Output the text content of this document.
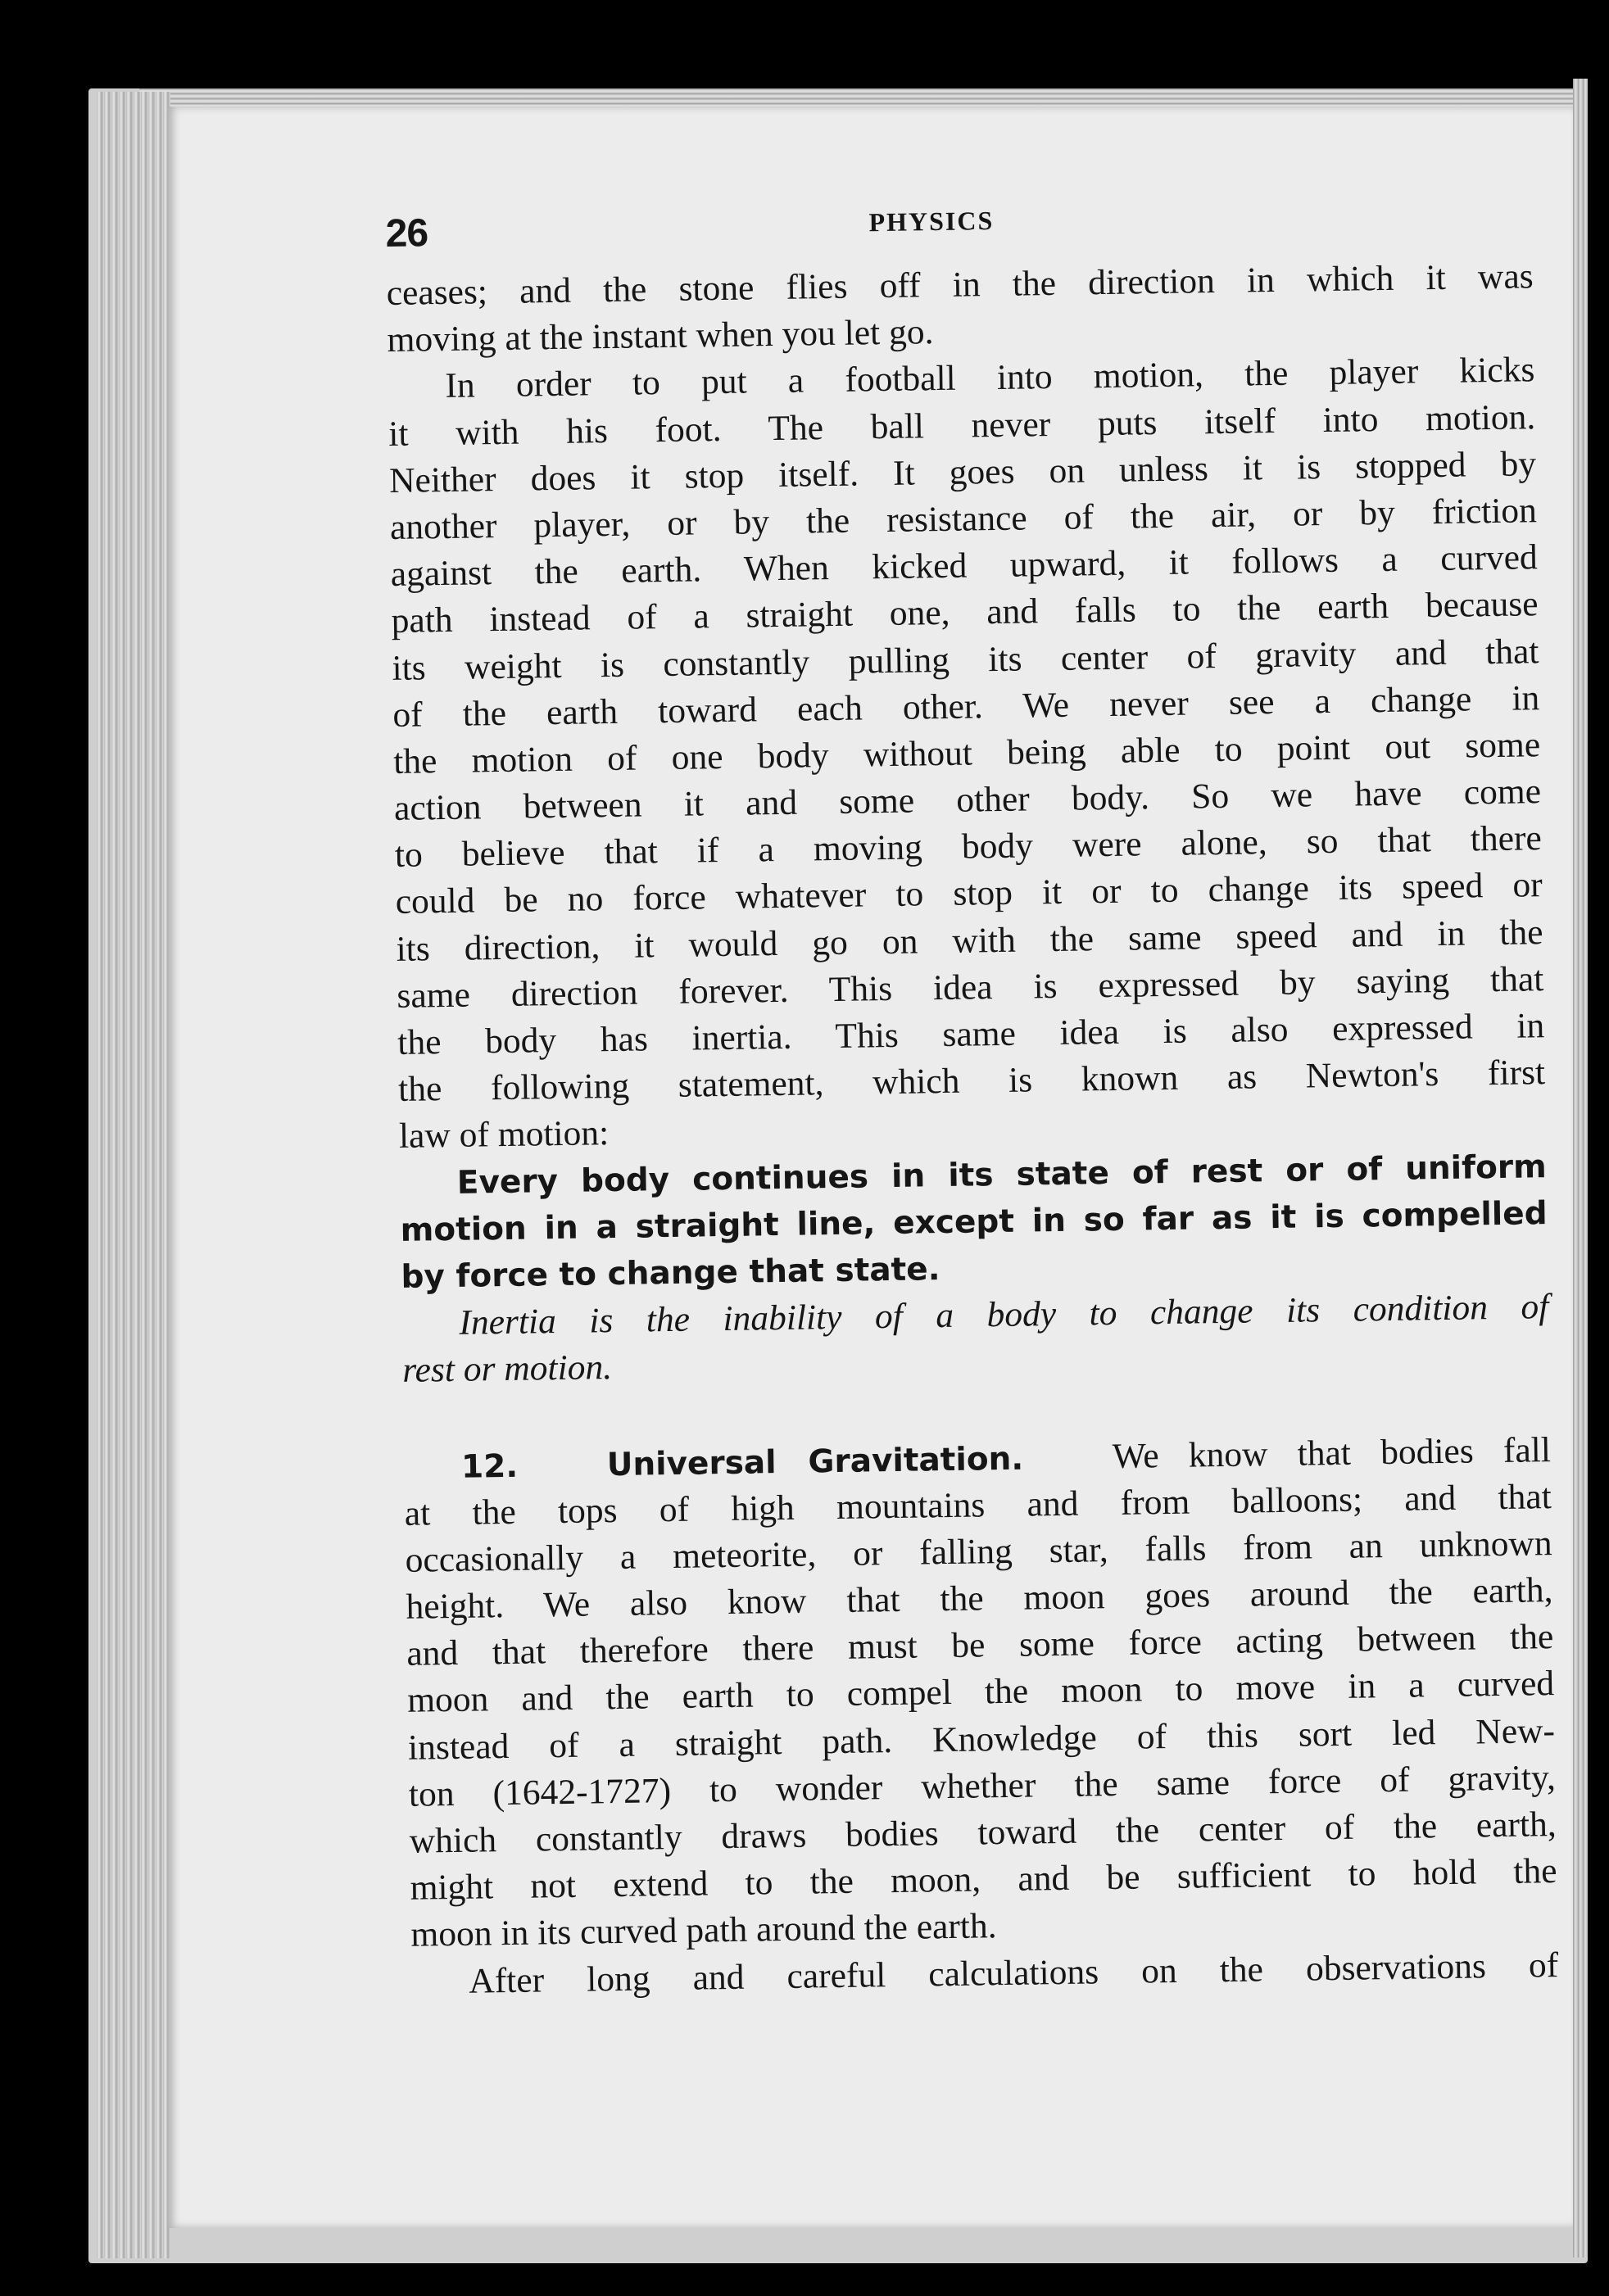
26	PHYSICS
ceases; and the stone flies off in the direction in which it was
moving at the instant when you let go.
In order to put a football into motion, the player kicks
it with his foot. The ball never puts itself into motion.
Neither does it stop itself. It goes on unless it is stopped by
another player, or by the resistance of the air, or by friction
against the earth. When kicked upward, it follows a curved
path instead of a straight one, and falls to the earth because
its weight is constantly pulling its center of gravity and that
of the earth toward each other. We never see a change in
the motion of one body without being able to point out some
action between it and some other body. So we have come
to believe that if a moving body were alone, so that there
could be no force whatever to stop it or to change its speed or
its direction, it would go on with the same speed and in the
same direction forever. This idea is expressed by saying that
the body has inertia. This same idea is also expressed in
the following statement, which is known as Newton's first
law of motion:
Every body continues in its state of rest or of uniform
motion in a straight line, except in so far as it is compelled
by force to change that state.
Inertia is the inability of a body to change its condition of
rest or motion.
12.	Universal Gravitation. We know that bodies fall
at the tops of high mountains and from balloons; and that
occasionally a meteorite, or falling star, falls from an unknown
height. We also know that the moon goes around the earth,
and that therefore there must be some force acting between the
moon and the earth to compel the moon to move in a curved
instead of a straight path. Knowledge of this sort led New-
ton (1642-1727) to wonder whether the same force of gravity,
which constantly draws bodies toward the center of the earth,
might not extend to the moon, and be sufficient to hold the
moon in its curved path around the earth.
After long and careful calculations on the observations of
